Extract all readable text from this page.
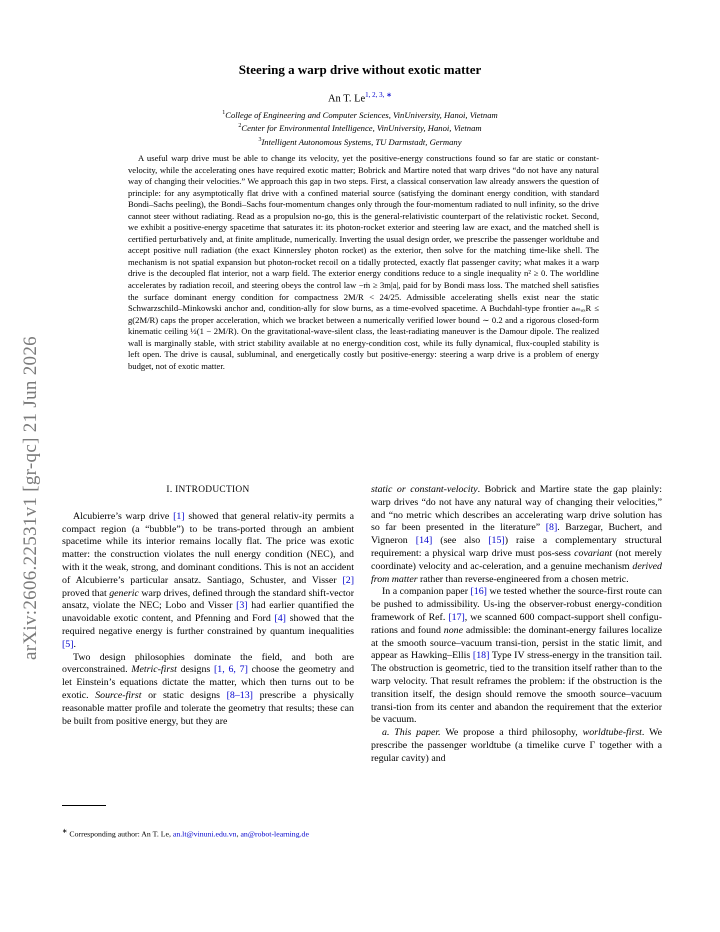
arXiv:2606.22531v1 [gr-qc] 21 Jun 2026
Steering a warp drive without exotic matter
An T. $Le^{1, 2, 3, ∗}$
$^1$College of Engineering and Computer Sciences, VinUniversity, Hanoi, Vietnam
$^2$Center for Environmental Intelligence, VinUniversity, Hanoi, Vietnam
$^3$Intelligent Autonomous Systems, TU Darmstadt, Germany
A useful warp drive must be able to change its velocity, yet the positive-energy constructions found so far are static or constant-velocity, while the accelerating ones have required exotic matter; Bobrick and Martire noted that warp drives “do not have any natural way of changing their velocities.” We approach this gap in two steps. First, a classical conservation law already answers the question of principle: for any asymptotically flat drive with a confined material source (satisfying the dominant energy condition, with standard Bondi–Sachs peeling), the Bondi–Sachs four-momentum changes only through the four-momentum radiated to null infinity, so the drive cannot steer without radiating. Read as a propulsion no-go, this is the general-relativistic counterpart of the relativistic rocket. Second, we exhibit a positive-energy spacetime that saturates it: its photon-rocket exterior and steering law are exact, and the matched shell is certified perturbatively and, at finite amplitude, numerically. Inverting the usual design order, we prescribe the passenger worldtube and accept positive null radiation (the exact Kinnersley photon rocket) as the exterior, then solve for the matching time-like shell. The mechanism is not spatial expansion but photon-rocket recoil on a tidally protected, exactly flat passenger cavity; what makes it a warp drive is the decoupled flat interior, not a warp field. The exterior energy conditions reduce to a single inequality n² ≥ 0. The worldline accelerates by radiation recoil, and steering obeys the control law −ṁ ≥ 3m|a|, paid for by Bondi mass loss. The matched shell satisfies the surface dominant energy condition for compactness 2M/R < 24/25. Admissible accelerating shells exist near the static Schwarzschild–Minkowski anchor and, condition-ally for slow burns, as a time-evolved spacetime. A Buchdahl-type frontier aₘₐₓR ≤ g(2M/R) caps the proper acceleration, which we bracket between a numerically verified lower bound ∼ 0.2 and a rigorous closed-form kinematic ceiling ½(1 − 2M/R). On the gravitational-wave-silent class, the least-radiating maneuver is the Damour dipole. The realized wall is marginally stable, with strict stability available at no energy-condition cost, while its fully dynamical, flux-coupled stability is left open. The drive is causal, subluminal, and energetically costly but positive-energy: steering a warp drive is a problem of energy budget, not of exotic matter.
I. INTRODUCTION

Alcubierre’s warp drive [1] showed that general relativ-ity permits a compact region (a “bubble”) to be trans-ported through an ambient spacetime while its interior remains locally flat. The price was exotic matter: the construction violates the null energy condition (NEC), and with it the weak, strong, and dominant conditions. This is not an accident of Alcubierre’s particular ansatz. Santiago, Schuster, and Visser [2] proved that generic warp drives, defined through the standard shift-vector ansatz, violate the NEC; Lobo and Visser [3] had earlier quantified the unavoidable exotic content, and Pfenning and Ford [4] showed that the required negative energy is further constrained by quantum inequalities [5].

Two design philosophies dominate the field, and both are overconstrained. Metric-first designs [1, 6, 7] choose the geometry and let Einstein’s equations dictate the matter, which then turns out to be exotic. Source-first or static designs [8–13] prescribe a physically reasonable matter profile and tolerate the geometry that results; these can be built from positive energy, but they are

static or constant-velocity. Bobrick and Martire state the gap plainly: warp drives “do not have any natural way of changing their velocities,” and “no metric which describes an accelerating warp drive solution has so far been presented in the literature” [8]. Barzegar, Buchert, and Vigneron [14] (see also [15]) raise a complementary structural requirement: a physical warp drive must pos-sess covariant (not merely coordinate) velocity and ac-celeration, and a genuine mechanism derived from matter rather than reverse-engineered from a chosen metric.

In a companion paper [16] we tested whether the source-first route can be pushed to admissibility. Us-ing the observer-robust energy-condition framework of Ref. [17], we scanned 600 compact-support shell configu-rations and found none admissible: the dominant-energy failures localize at the smooth source–vacuum transi-tion, persist in the static limit, and appear as Hawking–Ellis [18] Type IV stress-energy in the transition tail. The obstruction is geometric, tied to the transition itself rather than to the warp velocity. That result reframes the problem: if the obstruction is the transition itself, the design should remove the smooth source–vacuum transi-tion from its center and abandon the requirement that the exterior be vacuum.

a. This paper. We propose a third philosophy, worldtube-first. We prescribe the passenger worldtube (a timelike curve Γ together with a regular cavity) and

∗ Corresponding author: An T. Le, an.lt@vinuni.edu.vn, an@robot-learning.de
